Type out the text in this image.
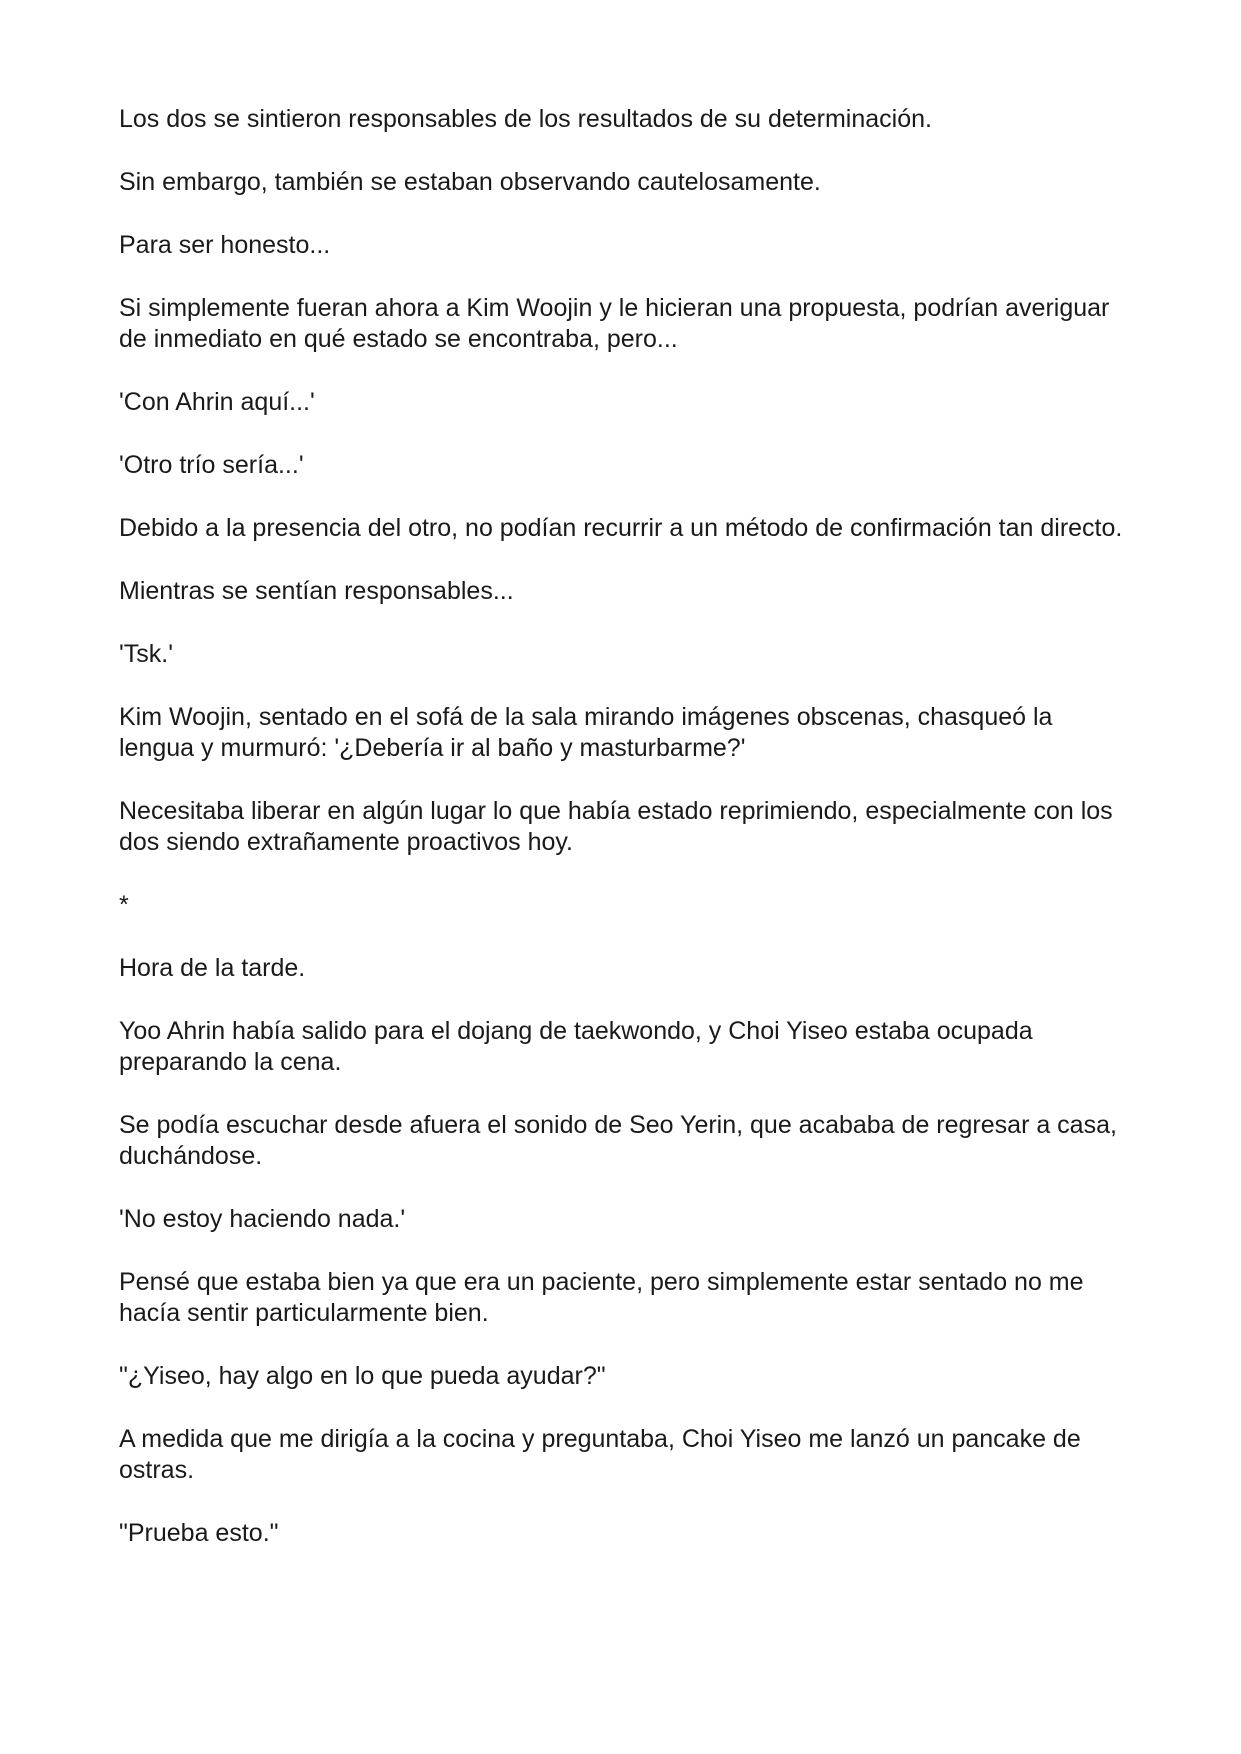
Los dos se sintieron responsables de los resultados de su determinación.

Sin embargo, también se estaban observando cautelosamente.

Para ser honesto...

Si simplemente fueran ahora a Kim Woojin y le hicieran una propuesta, podrían averiguar de inmediato en qué estado se encontraba, pero...

'Con Ahrin aquí...'

'Otro trío sería...'

Debido a la presencia del otro, no podían recurrir a un método de confirmación tan directo.

Mientras se sentían responsables...

'Tsk.'

Kim Woojin, sentado en el sofá de la sala mirando imágenes obscenas, chasqueó la lengua y murmuró: '¿Debería ir al baño y masturbarme?'

Necesitaba liberar en algún lugar lo que había estado reprimiendo, especialmente con los dos siendo extrañamente proactivos hoy.

*

Hora de la tarde.

Yoo Ahrin había salido para el dojang de taekwondo, y Choi Yiseo estaba ocupada preparando la cena.

Se podía escuchar desde afuera el sonido de Seo Yerin, que acababa de regresar a casa, duchándose.

'No estoy haciendo nada.'

Pensé que estaba bien ya que era un paciente, pero simplemente estar sentado no me hacía sentir particularmente bien.

"¿Yiseo, hay algo en lo que pueda ayudar?"

A medida que me dirigía a la cocina y preguntaba, Choi Yiseo me lanzó un pancake de ostras.

"Prueba esto."
